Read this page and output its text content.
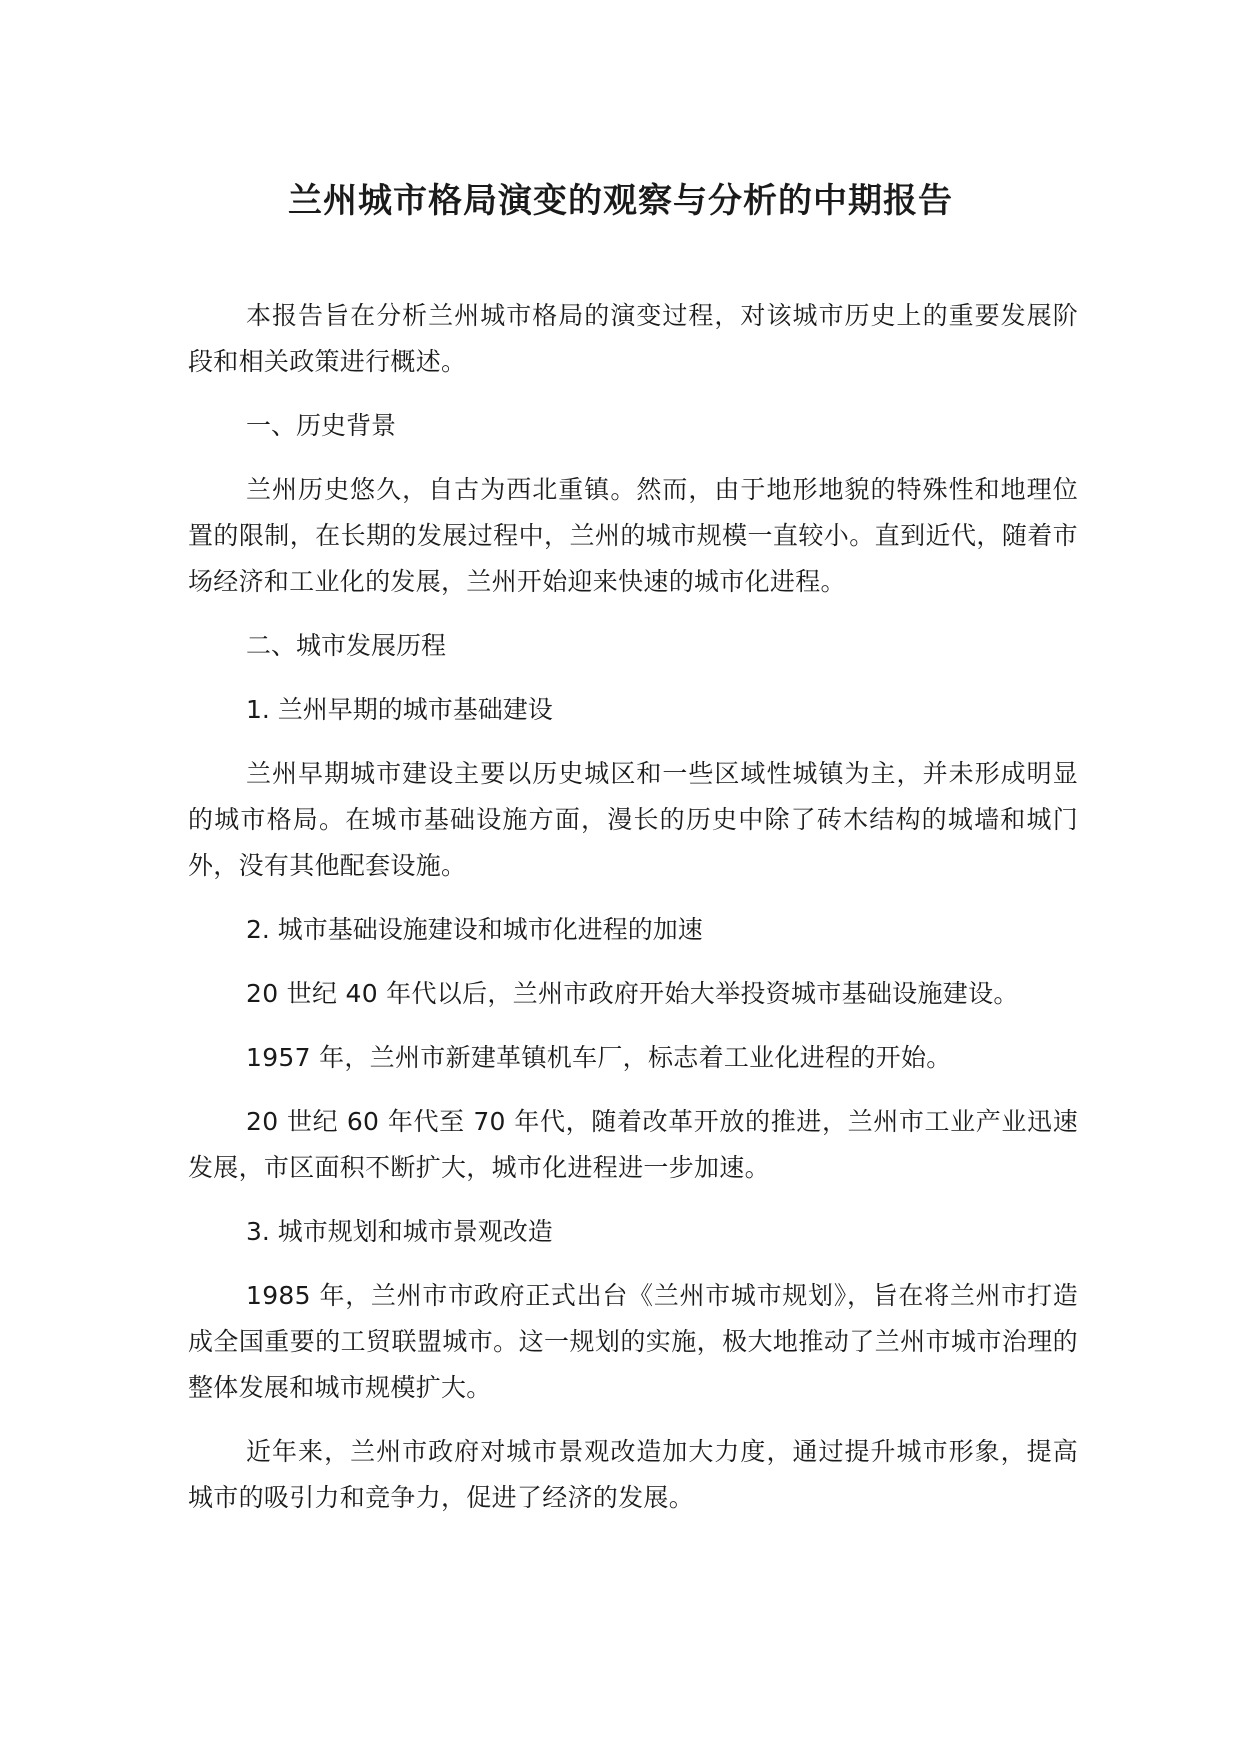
兰州城市格局演变的观察与分析的中期报告

本报告旨在分析兰州城市格局的演变过程，对该城市历史上的重要发展阶段和相关政策进行概述。

一、历史背景

兰州历史悠久，自古为西北重镇。然而，由于地形地貌的特殊性和地理位置的限制，在长期的发展过程中，兰州的城市规模一直较小。直到近代，随着市场经济和工业化的发展，兰州开始迎来快速的城市化进程。

二、城市发展历程

1. 兰州早期的城市基础建设

兰州早期城市建设主要以历史城区和一些区域性城镇为主，并未形成明显的城市格局。在城市基础设施方面，漫长的历史中除了砖木结构的城墙和城门外，没有其他配套设施。

2. 城市基础设施建设和城市化进程的加速

20 世纪 40 年代以后，兰州市政府开始大举投资城市基础设施建设。

1957 年，兰州市新建革镇机车厂，标志着工业化进程的开始。

20 世纪 60 年代至 70 年代，随着改革开放的推进，兰州市工业产业迅速发展，市区面积不断扩大，城市化进程进一步加速。

3. 城市规划和城市景观改造

1985 年，兰州市市政府正式出台《兰州市城市规划》，旨在将兰州市打造成全国重要的工贸联盟城市。这一规划的实施，极大地推动了兰州市城市治理的整体发展和城市规模扩大。

近年来，兰州市政府对城市景观改造加大力度，通过提升城市形象，提高城市的吸引力和竞争力，促进了经济的发展。
